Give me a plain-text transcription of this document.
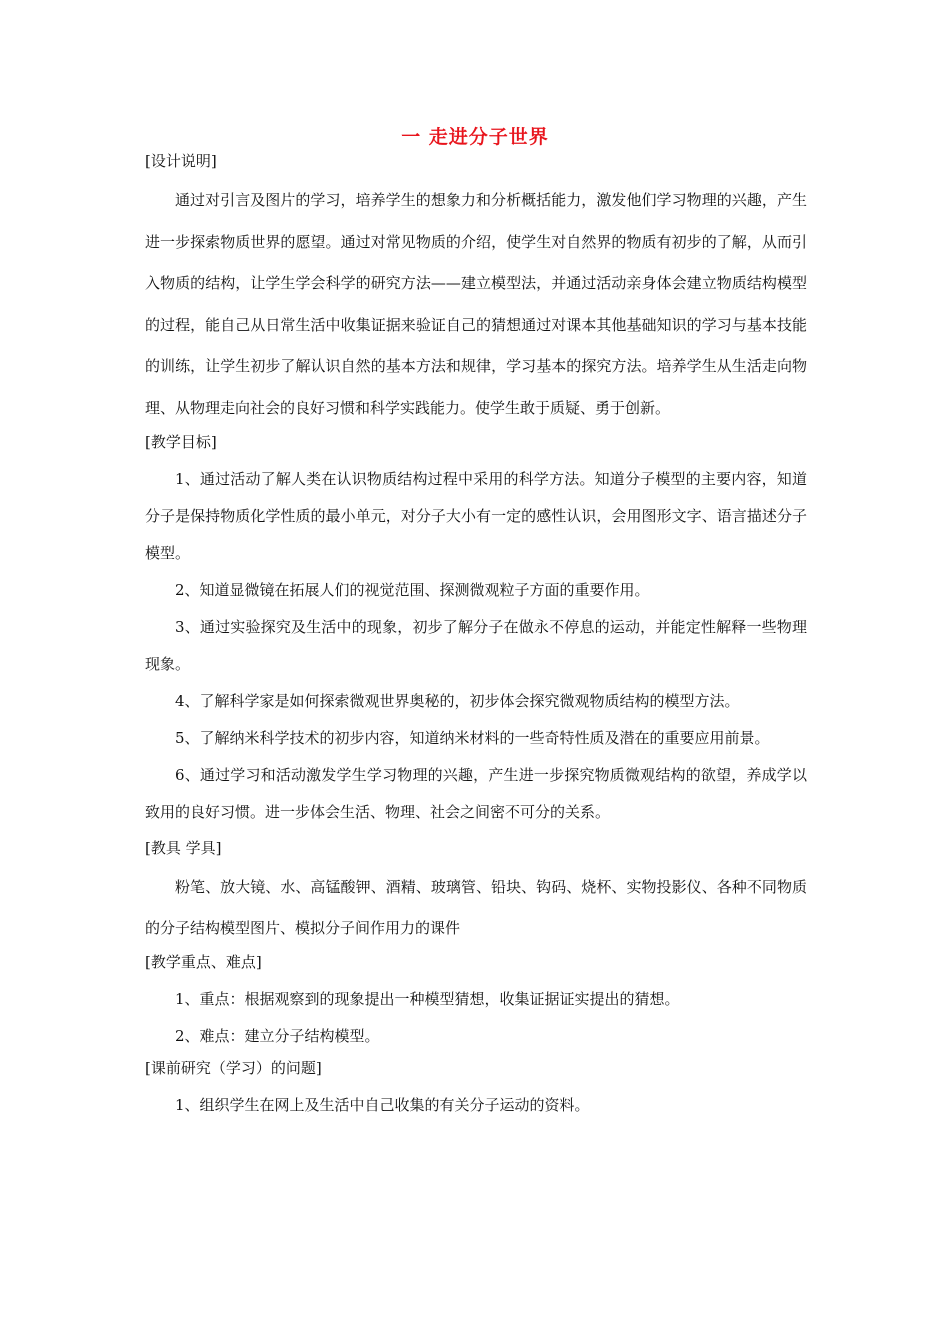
一 走进分子世界
[设计说明]

通过对引言及图片的学习，培养学生的想象力和分析概括能力，激发他们学习物理的兴趣，产生进一步探索物质世界的愿望。通过对常见物质的介绍，使学生对自然界的物质有初步的了解，从而引入物质的结构，让学生学会科学的研究方法——建立模型法，并通过活动亲身体会建立物质结构模型的过程，能自己从日常生活中收集证据来验证自己的猜想通过对课本其他基础知识的学习与基本技能的训练，让学生初步了解认识自然的基本方法和规律，学习基本的探究方法。培养学生从生活走向物理、从物理走向社会的良好习惯和科学实践能力。使学生敢于质疑、勇于创新。

[教学目标]

1、通过活动了解人类在认识物质结构过程中采用的科学方法。知道分子模型的主要内容，知道分子是保持物质化学性质的最小单元，对分子大小有一定的感性认识，会用图形文字、语言描述分子模型。

2、知道显微镜在拓展人们的视觉范围、探测微观粒子方面的重要作用。

3、通过实验探究及生活中的现象，初步了解分子在做永不停息的运动，并能定性解释一些物理现象。

4、了解科学家是如何探索微观世界奥秘的，初步体会探究微观物质结构的模型方法。

5、了解纳米科学技术的初步内容，知道纳米材料的一些奇特性质及潜在的重要应用前景。

6、通过学习和活动激发学生学习物理的兴趣，产生进一步探究物质微观结构的欲望，养成学以致用的良好习惯。进一步体会生活、物理、社会之间密不可分的关系。

[教具 学具]

粉笔、放大镜、水、高锰酸钾、酒精、玻璃管、铅块、钩码、烧杯、实物投影仪、各种不同物质的分子结构模型图片、模拟分子间作用力的课件

[教学重点、难点]

1、重点：根据观察到的现象提出一种模型猜想，收集证据证实提出的猜想。

2、难点：建立分子结构模型。

[课前研究（学习）的问题]

1、组织学生在网上及生活中自己收集的有关分子运动的资料。
